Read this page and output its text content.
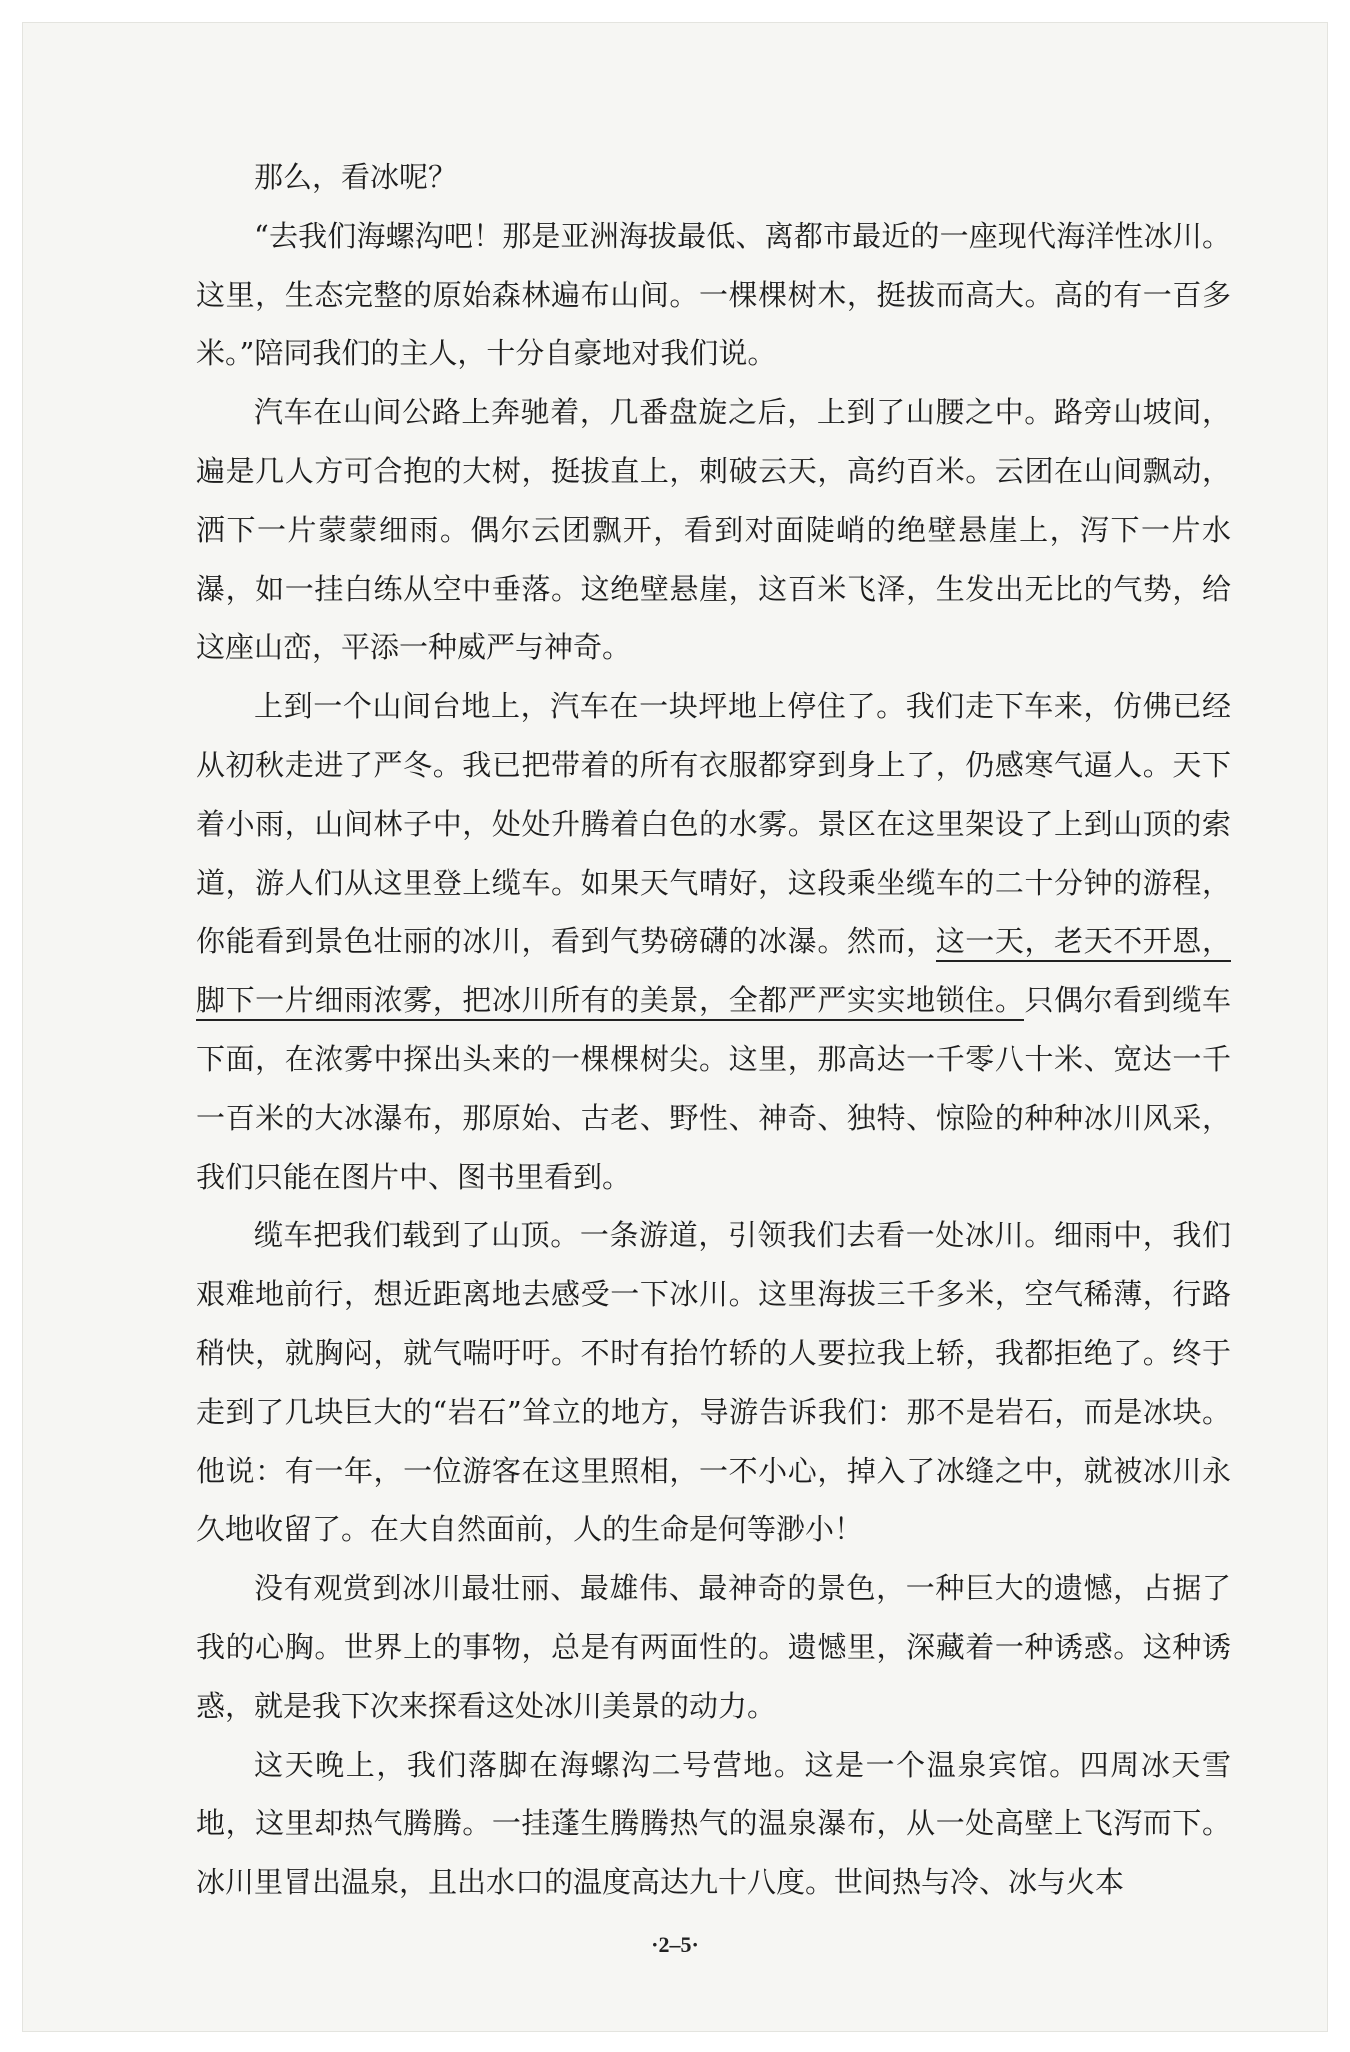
那么，看冰呢？

“去我们海螺沟吧！那是亚洲海拔最低、离都市最近的一座现代海洋性冰川。这里，生态完整的原始森林遍布山间。一棵棵树木，挺拔而高大。高的有一百多米。”陪同我们的主人，十分自豪地对我们说。

汽车在山间公路上奔驰着，几番盘旋之后，上到了山腰之中。路旁山坡间，遍是几人方可合抱的大树，挺拔直上，刺破云天，高约百米。云团在山间飘动，洒下一片蒙蒙细雨。偶尔云团飘开，看到对面陡峭的绝壁悬崖上，泻下一片水瀑，如一挂白练从空中垂落。这绝壁悬崖，这百米飞泽，生发出无比的气势，给这座山峦，平添一种威严与神奇。

上到一个山间台地上，汽车在一块坪地上停住了。我们走下车来，仿佛已经从初秋走进了严冬。我已把带着的所有衣服都穿到身上了，仍感寒气逼人。天下着小雨，山间林子中，处处升腾着白色的水雾。景区在这里架设了上到山顶的索道，游人们从这里登上缆车。如果天气晴好，这段乘坐缆车的二十分钟的游程，你能看到景色壮丽的冰川，看到气势磅礴的冰瀑。然而，这一天，老天不开恩，脚下一片细雨浓雾，把冰川所有的美景，全都严严实实地锁住。只偶尔看到缆车下面，在浓雾中探出头来的一棵棵树尖。这里，那高达一千零八十米、宽达一千一百米的大冰瀑布，那原始、古老、野性、神奇、独特、惊险的种种冰川风采，我们只能在图片中、图书里看到。

缆车把我们载到了山顶。一条游道，引领我们去看一处冰川。细雨中，我们艰难地前行，想近距离地去感受一下冰川。这里海拔三千多米，空气稀薄，行路稍快，就胸闷，就气喘吁吁。不时有抬竹轿的人要拉我上轿，我都拒绝了。终于走到了几块巨大的“岩石”耸立的地方，导游告诉我们：那不是岩石，而是冰块。他说：有一年，一位游客在这里照相，一不小心，掉入了冰缝之中，就被冰川永久地收留了。在大自然面前，人的生命是何等渺小！

没有观赏到冰川最壮丽、最雄伟、最神奇的景色，一种巨大的遗憾，占据了我的心胸。世界上的事物，总是有两面性的。遗憾里，深藏着一种诱惑。这种诱惑，就是我下次来探看这处冰川美景的动力。

这天晚上，我们落脚在海螺沟二号营地。这是一个温泉宾馆。四周冰天雪地，这里却热气腾腾。一挂蓬生腾腾热气的温泉瀑布，从一处高壁上飞泻而下。冰川里冒出温泉，且出水口的温度高达九十八度。世间热与冷、冰与火本

·2–5·
